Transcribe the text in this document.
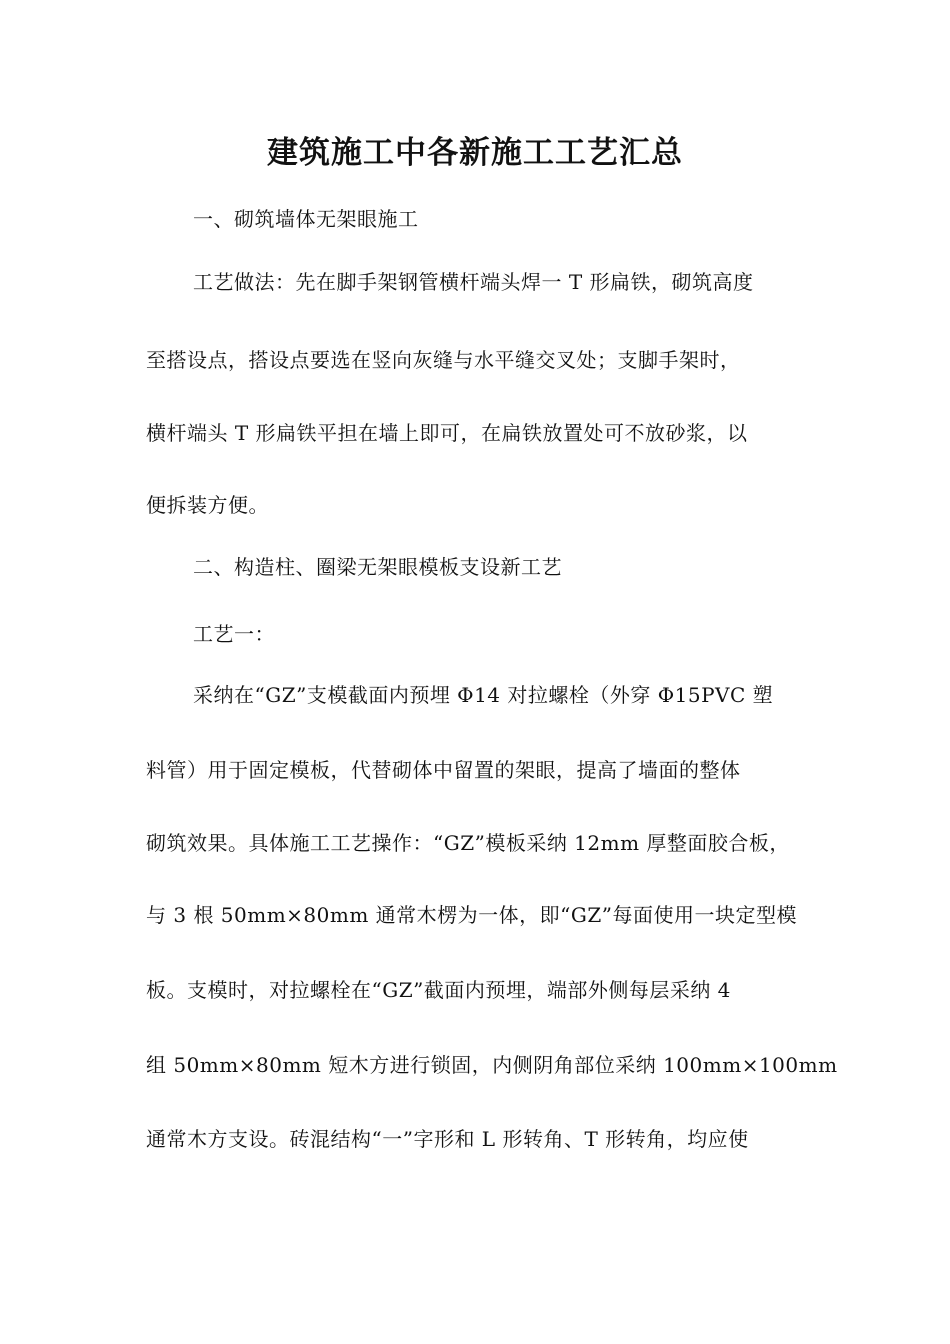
建筑施工中各新施工工艺汇总
一、砌筑墙体无架眼施工
工艺做法：先在脚手架钢管横杆端头焊一 T 形扁铁，砌筑高度
至搭设点，搭设点要选在竖向灰缝与水平缝交叉处；支脚手架时，
横杆端头 T 形扁铁平担在墙上即可，在扁铁放置处可不放砂浆，以
便拆装方便。
二、构造柱、圈梁无架眼模板支设新工艺
工艺一：
采纳在“GZ”支模截面内预埋 Φ14 对拉螺栓（外穿 Φ15PVC 塑
料管）用于固定模板，代替砌体中留置的架眼，提高了墙面的整体
砌筑效果。具体施工工艺操作：“GZ”模板采纳 12mm 厚整面胶合板，
与 3 根 50mm×80mm 通常木楞为一体，即“GZ”每面使用一块定型模
板。支模时，对拉螺栓在“GZ”截面内预埋，端部外侧每层采纳 4
组 50mm×80mm 短木方进行锁固，内侧阴角部位采纳 100mm×100mm
通常木方支设。砖混结构“一”字形和 L 形转角、T 形转角，均应使
